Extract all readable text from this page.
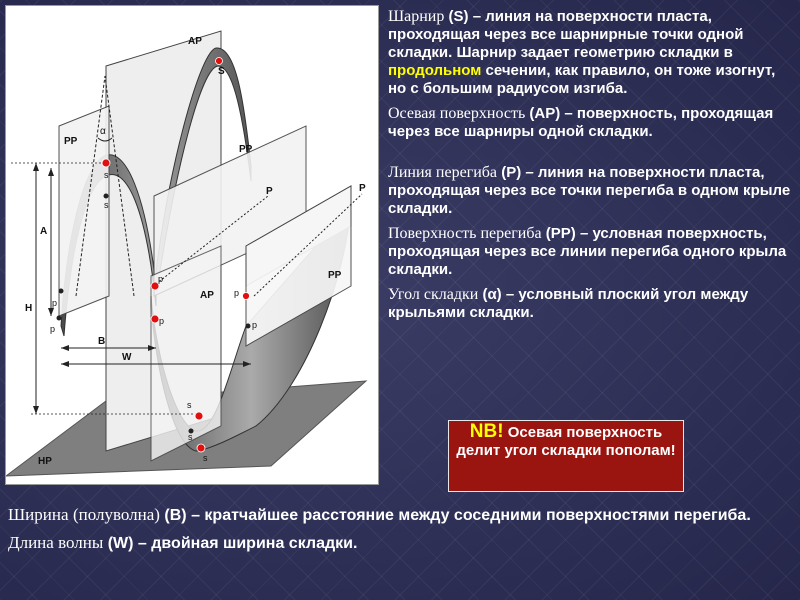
AP
S
PP
PP
PP
AP
HP
P	P
α
A
H
B
W
s
s
s
s
s
p
p
p
p
p
p

Шарнир (S) – линия на поверхности пласта, проходящая через все шарнирные точки одной складки. Шарнир задает геометрию складки в продольном сечении, как правило, он тоже изогнут, но с большим радиусом изгиба.

Осевая поверхность (AP) – поверхность, проходящая через все шарниры одной складки.

Линия перегиба (P) – линия на поверхности пласта, проходящая через все точки перегиба в одном крыле складки.

Поверхность перегиба (PP) – условная поверхность, проходящая через все линии перегиба одного крыла складки.

Угол складки (α) – условный плоский угол между крыльями складки.

NB! Осевая поверхность делит угол складки пополам!

Ширина (полуволна) (B) – кратчайшее расстояние между соседними поверхностями перегиба.

Длина волны (W) – двойная ширина складки.
